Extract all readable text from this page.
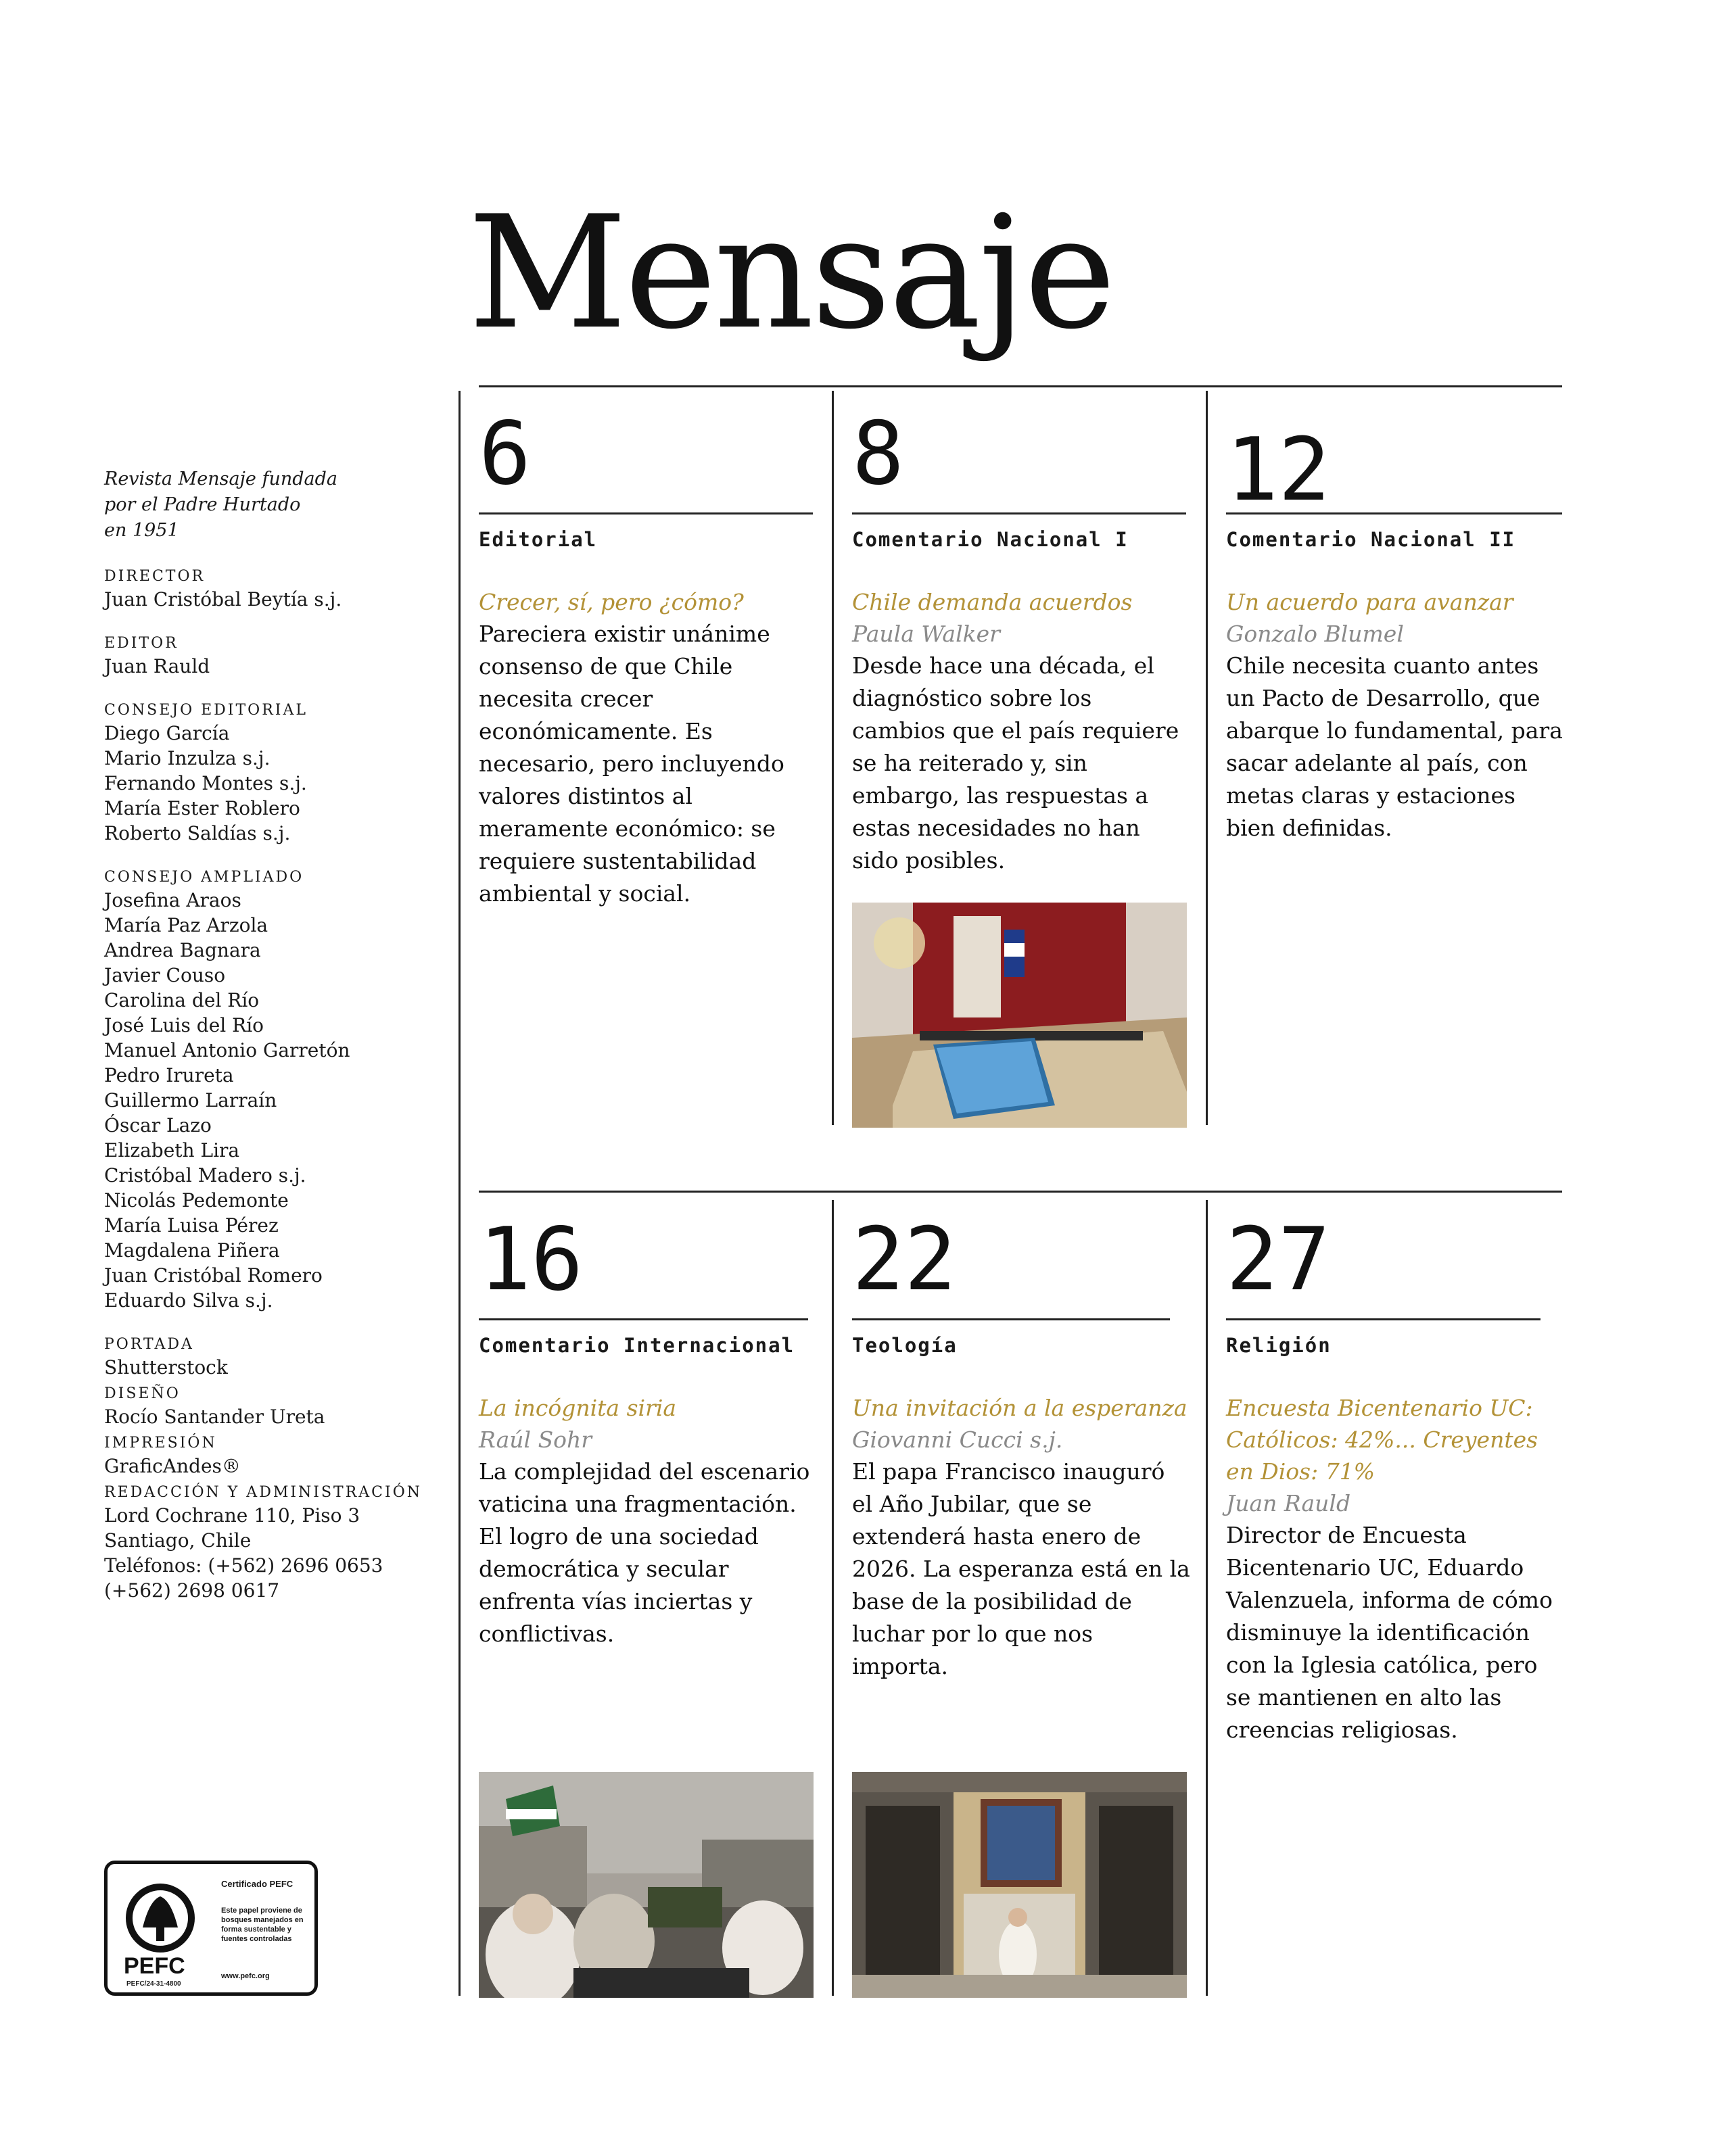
Mensaje
Revista Mensaje fundada
por el Padre Hurtado
en 1951
DIRECTOR
Juan Cristóbal Beytía s.j.
EDITOR
Juan Rauld
CONSEJO EDITORIAL
Diego García
Mario Inzulza s.j.
Fernando Montes s.j.
María Ester Roblero
Roberto Saldías s.j.
CONSEJO AMPLIADO
Josefina Araos
María Paz Arzola
Andrea Bagnara
Javier Couso
Carolina del Río
José Luis del Río
Manuel Antonio Garretón
Pedro Irureta
Guillermo Larraín
Óscar Lazo
Elizabeth Lira
Cristóbal Madero s.j.
Nicolás Pedemonte
María Luisa Pérez
Magdalena Piñera
Juan Cristóbal Romero
Eduardo Silva s.j.
PORTADA
Shutterstock
DISEÑO
Rocío Santander Ureta
IMPRESIÓN
GraficAndes®
REDACCIÓN Y ADMINISTRACIÓN
Lord Cochrane 110, Piso 3
Santiago, Chile
Teléfonos: (+562) 2696 0653
(+562) 2698 0617
PEFC
PEFC/24-31-4800
Certificado PEFC
Este papel proviene de bosques manejados en forma sustentable y fuentes controladas
www.pefc.org
6
Editorial
Crecer, sí, pero ¿cómo?
Pareciera existir unánime consenso de que Chile necesita crecer económicamente. Es necesario, pero incluyendo valores distintos al meramente económico: se requiere sustentabilidad ambiental y social.
8
Comentario Nacional I
Chile demanda acuerdos
Paula Walker
Desde hace una década, el diagnóstico sobre los cambios que el país requiere se ha reiterado y, sin embargo, las respuestas a estas necesidades no han sido posibles.
12
Comentario Nacional II
Un acuerdo para avanzar
Gonzalo Blumel
Chile necesita cuanto antes un Pacto de Desarrollo, que abarque lo fundamental, para sacar adelante al país, con metas claras y estaciones bien definidas.
16
Comentario Internacional
La incógnita siria
Raúl Sohr
La complejidad del escenario vaticina una fragmentación. El logro de una sociedad democrática y secular enfrenta vías inciertas y conflictivas.
22
Teología
Una invitación a la esperanza
Giovanni Cucci s.j.
El papa Francisco inauguró el Año Jubilar, que se extenderá hasta enero de 2026. La esperanza está en la base de la posibilidad de luchar por lo que nos importa.
27
Religión
Encuesta Bicentenario UC: Católicos: 42%... Creyentes en Dios: 71%
Juan Rauld
Director de Encuesta Bicentenario UC, Eduardo Valenzuela, informa de cómo disminuye la identificación con la Iglesia católica, pero se mantienen en alto las creencias religiosas.
